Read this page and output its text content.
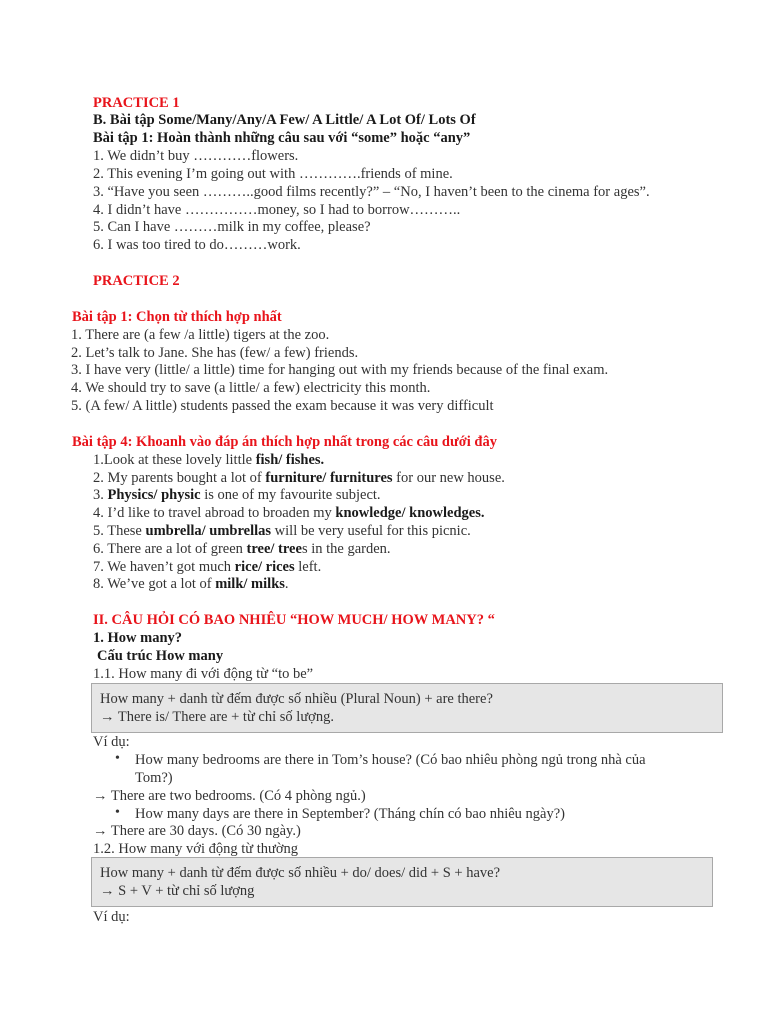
PRACTICE 1
B. Bài tập Some/Many/Any/A Few/ A Little/ A Lot Of/ Lots Of
Bài tập 1: Hoàn thành những câu sau với “some” hoặc “any”
1. We didn’t buy …………flowers.
2. This evening I’m going out with ………….friends of mine.
3. “Have you seen ………..good films recently?” – “No, I haven’t been to the cinema for ages”.
4. I didn’t have ……………money, so I had to borrow………..
5. Can I have ………milk in my coffee, please?
6. I was too tired to do………work.
PRACTICE 2
Bài tập 1: Chọn từ thích hợp nhất
1. There are (a few /a little) tigers at the zoo.
2. Let’s talk to Jane. She has (few/ a few) friends.
3. I have very (little/ a little) time for hanging out with my friends because of the final exam.
4. We should try to save (a little/ a few) electricity this month.
5. (A few/ A little) students passed the exam because it was very difficult
Bài tập 4: Khoanh vào đáp án thích hợp nhất trong các câu dưới đây
1.Look at these lovely little fish/ fishes.
2. My parents bought a lot of furniture/ furnitures for our new house.
3. Physics/ physic is one of my favourite subject.
4. I’d like to travel abroad to broaden my knowledge/ knowledges.
5. These umbrella/ umbrellas will be very useful for this picnic.
6. There are a lot of green tree/ trees in the garden.
7. We haven’t got much rice/ rices left.
8. We’ve got a lot of milk/ milks.
II. CÂU HỎI CÓ BAO NHIÊU “HOW MUCH/ HOW MANY? “
1. How many?
Cấu trúc How many
1.1. How many đi với động từ “to be”
How many + danh từ đếm được số nhiều (Plural Noun) + are there?
→ There is/ There are + từ chỉ số lượng.
Ví dụ:
• How many bedrooms are there in Tom’s house? (Có bao nhiêu phòng ngủ trong nhà của
Tom?)
→ There are two bedrooms. (Có 4 phòng ngủ.)
• How many days are there in September? (Tháng chín có bao nhiêu ngày?)
→ There are 30 days. (Có 30 ngày.)
1.2. How many với động từ thường
How many + danh từ đếm được số nhiều + do/ does/ did + S + have?
→ S + V + từ chỉ số lượng
Ví dụ:
